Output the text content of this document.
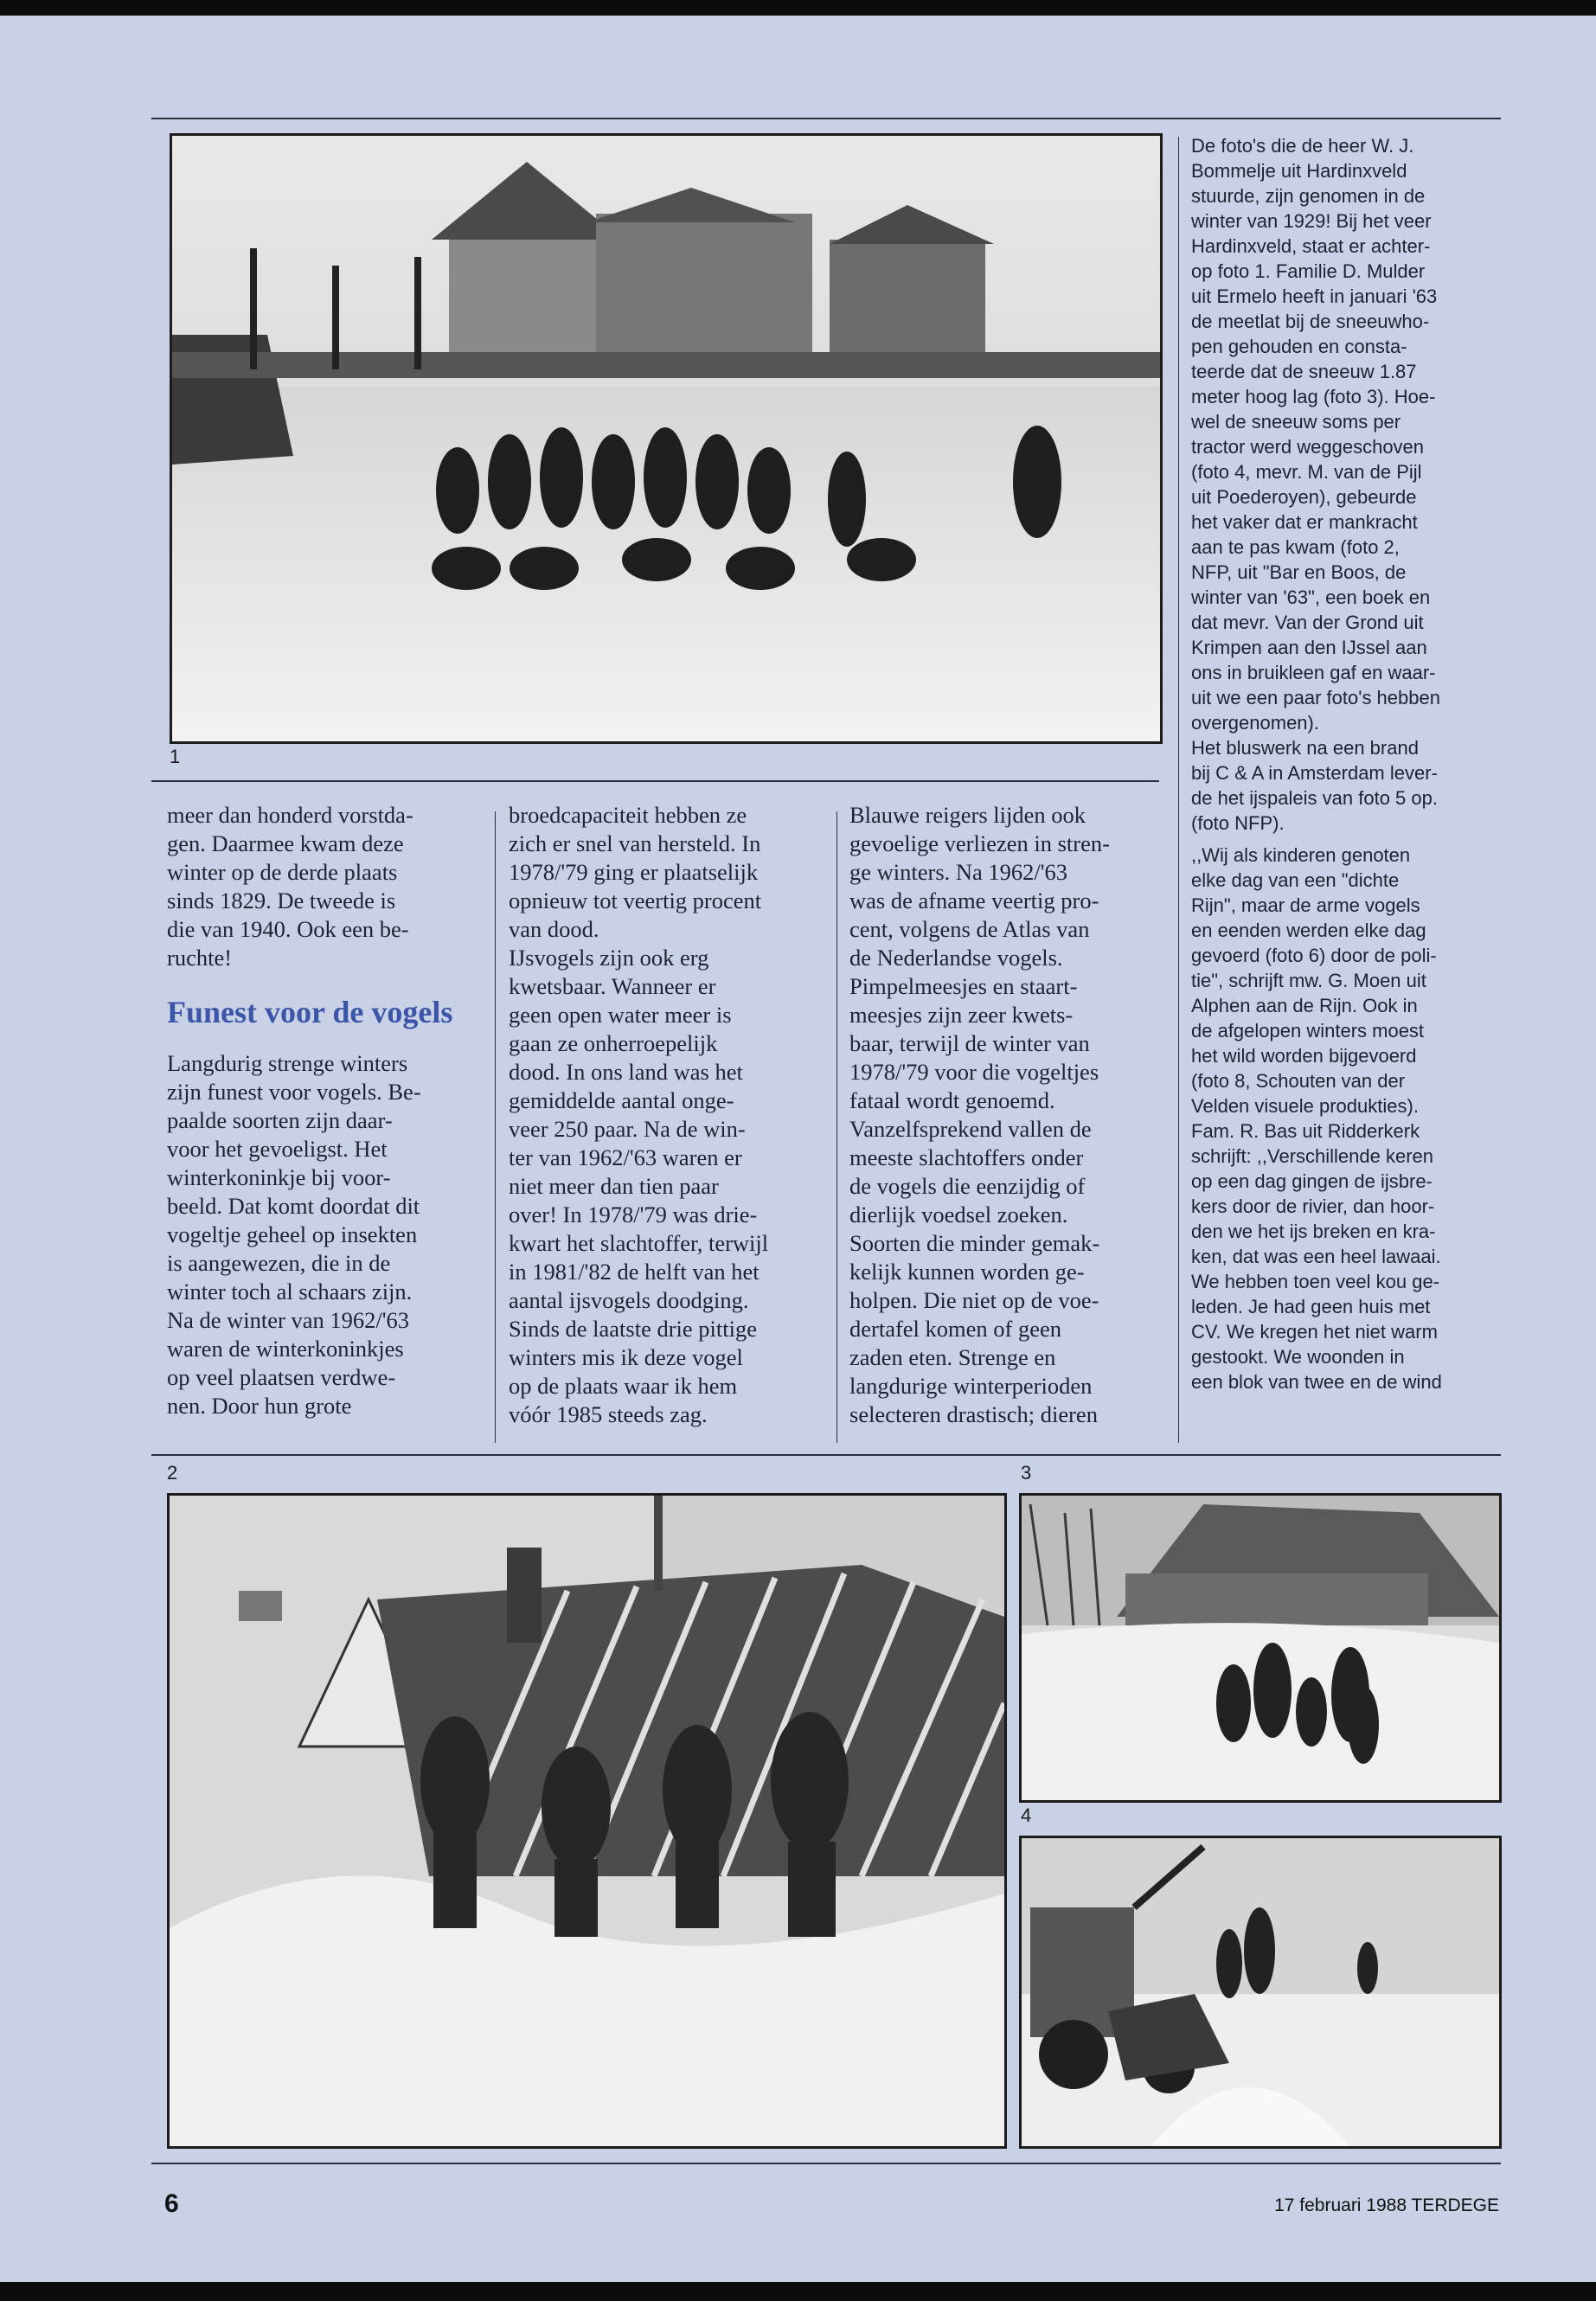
1

meer dan honderd vorstda-

gen. Daarmee kwam deze

winter op de derde plaats

sinds 1829. De tweede is

die van 1940. Ook een be-

ruchte!

Funest voor de vogels

Langdurig strenge winters

zijn funest voor vogels. Be-

paalde soorten zijn daar-

voor het gevoeligst. Het

winterkoninkje bij voor-

beeld. Dat komt doordat dit

vogeltje geheel op insekten

is aangewezen, die in de

winter toch al schaars zijn.

Na de winter van 1962/'63

waren de winterkoninkjes

op veel plaatsen verdwe-

nen. Door hun grote

broedcapaciteit hebben ze

zich er snel van hersteld. In

1978/'79 ging er plaatselijk

opnieuw tot veertig procent

van dood.

IJsvogels zijn ook erg

kwetsbaar. Wanneer er

geen open water meer is

gaan ze onherroepelijk

dood. In ons land was het

gemiddelde aantal onge-

veer 250 paar. Na de win-

ter van 1962/'63 waren er

niet meer dan tien paar

over! In 1978/'79 was drie-

kwart het slachtoffer, terwijl

in 1981/'82 de helft van het

aantal ijsvogels doodging.

Sinds de laatste drie pittige

winters mis ik deze vogel

op de plaats waar ik hem

vóór 1985 steeds zag.

Blauwe reigers lijden ook

gevoelige verliezen in stren-

ge winters. Na 1962/'63

was de afname veertig pro-

cent, volgens de Atlas van

de Nederlandse vogels.

Pimpelmeesjes en staart-

meesjes zijn zeer kwets-

baar, terwijl de winter van

1978/'79 voor die vogeltjes

fataal wordt genoemd.

Vanzelfsprekend vallen de

meeste slachtoffers onder

de vogels die eenzijdig of

dierlijk voedsel zoeken.

Soorten die minder gemak-

kelijk kunnen worden ge-

holpen. Die niet op de voe-

dertafel komen of geen

zaden eten. Strenge en

langdurige winterperioden

selecteren drastisch; dieren

De foto's die de heer W. J.

Bommelje uit Hardinxveld

stuurde, zijn genomen in de

winter van 1929! Bij het veer

Hardinxveld, staat er achter-

op foto 1. Familie D. Mulder

uit Ermelo heeft in januari '63

de meetlat bij de sneeuwho-

pen gehouden en consta-

teerde dat de sneeuw 1.87

meter hoog lag (foto 3). Hoe-

wel de sneeuw soms per

tractor werd weggeschoven

(foto 4, mevr. M. van de Pijl

uit Poederoyen), gebeurde

het vaker dat er mankracht

aan te pas kwam (foto 2,

NFP, uit "Bar en Boos, de

winter van '63", een boek en

dat mevr. Van der Grond uit

Krimpen aan den IJssel aan

ons in bruikleen gaf en waar-

uit we een paar foto's hebben

overgenomen).

Het bluswerk na een brand

bij C & A in Amsterdam lever-

de het ijspaleis van foto 5 op.

(foto NFP).

,,Wij als kinderen genoten

elke dag van een "dichte

Rijn", maar de arme vogels

en eenden werden elke dag

gevoerd (foto 6) door de poli-

tie", schrijft mw. G. Moen uit

Alphen aan de Rijn. Ook in

de afgelopen winters moest

het wild worden bijgevoerd

(foto 8, Schouten van der

Velden visuele produkties).

Fam. R. Bas uit Ridderkerk

schrijft: ,,Verschillende keren

op een dag gingen de ijsbre-

kers door de rivier, dan hoor-

den we het ijs breken en kra-

ken, dat was een heel lawaai.

We hebben toen veel kou ge-

leden. Je had geen huis met

CV. We kregen het niet warm

gestookt. We woonden in

een blok van twee en de wind

2	3
4
6	17 februari 1988 TERDEGE
